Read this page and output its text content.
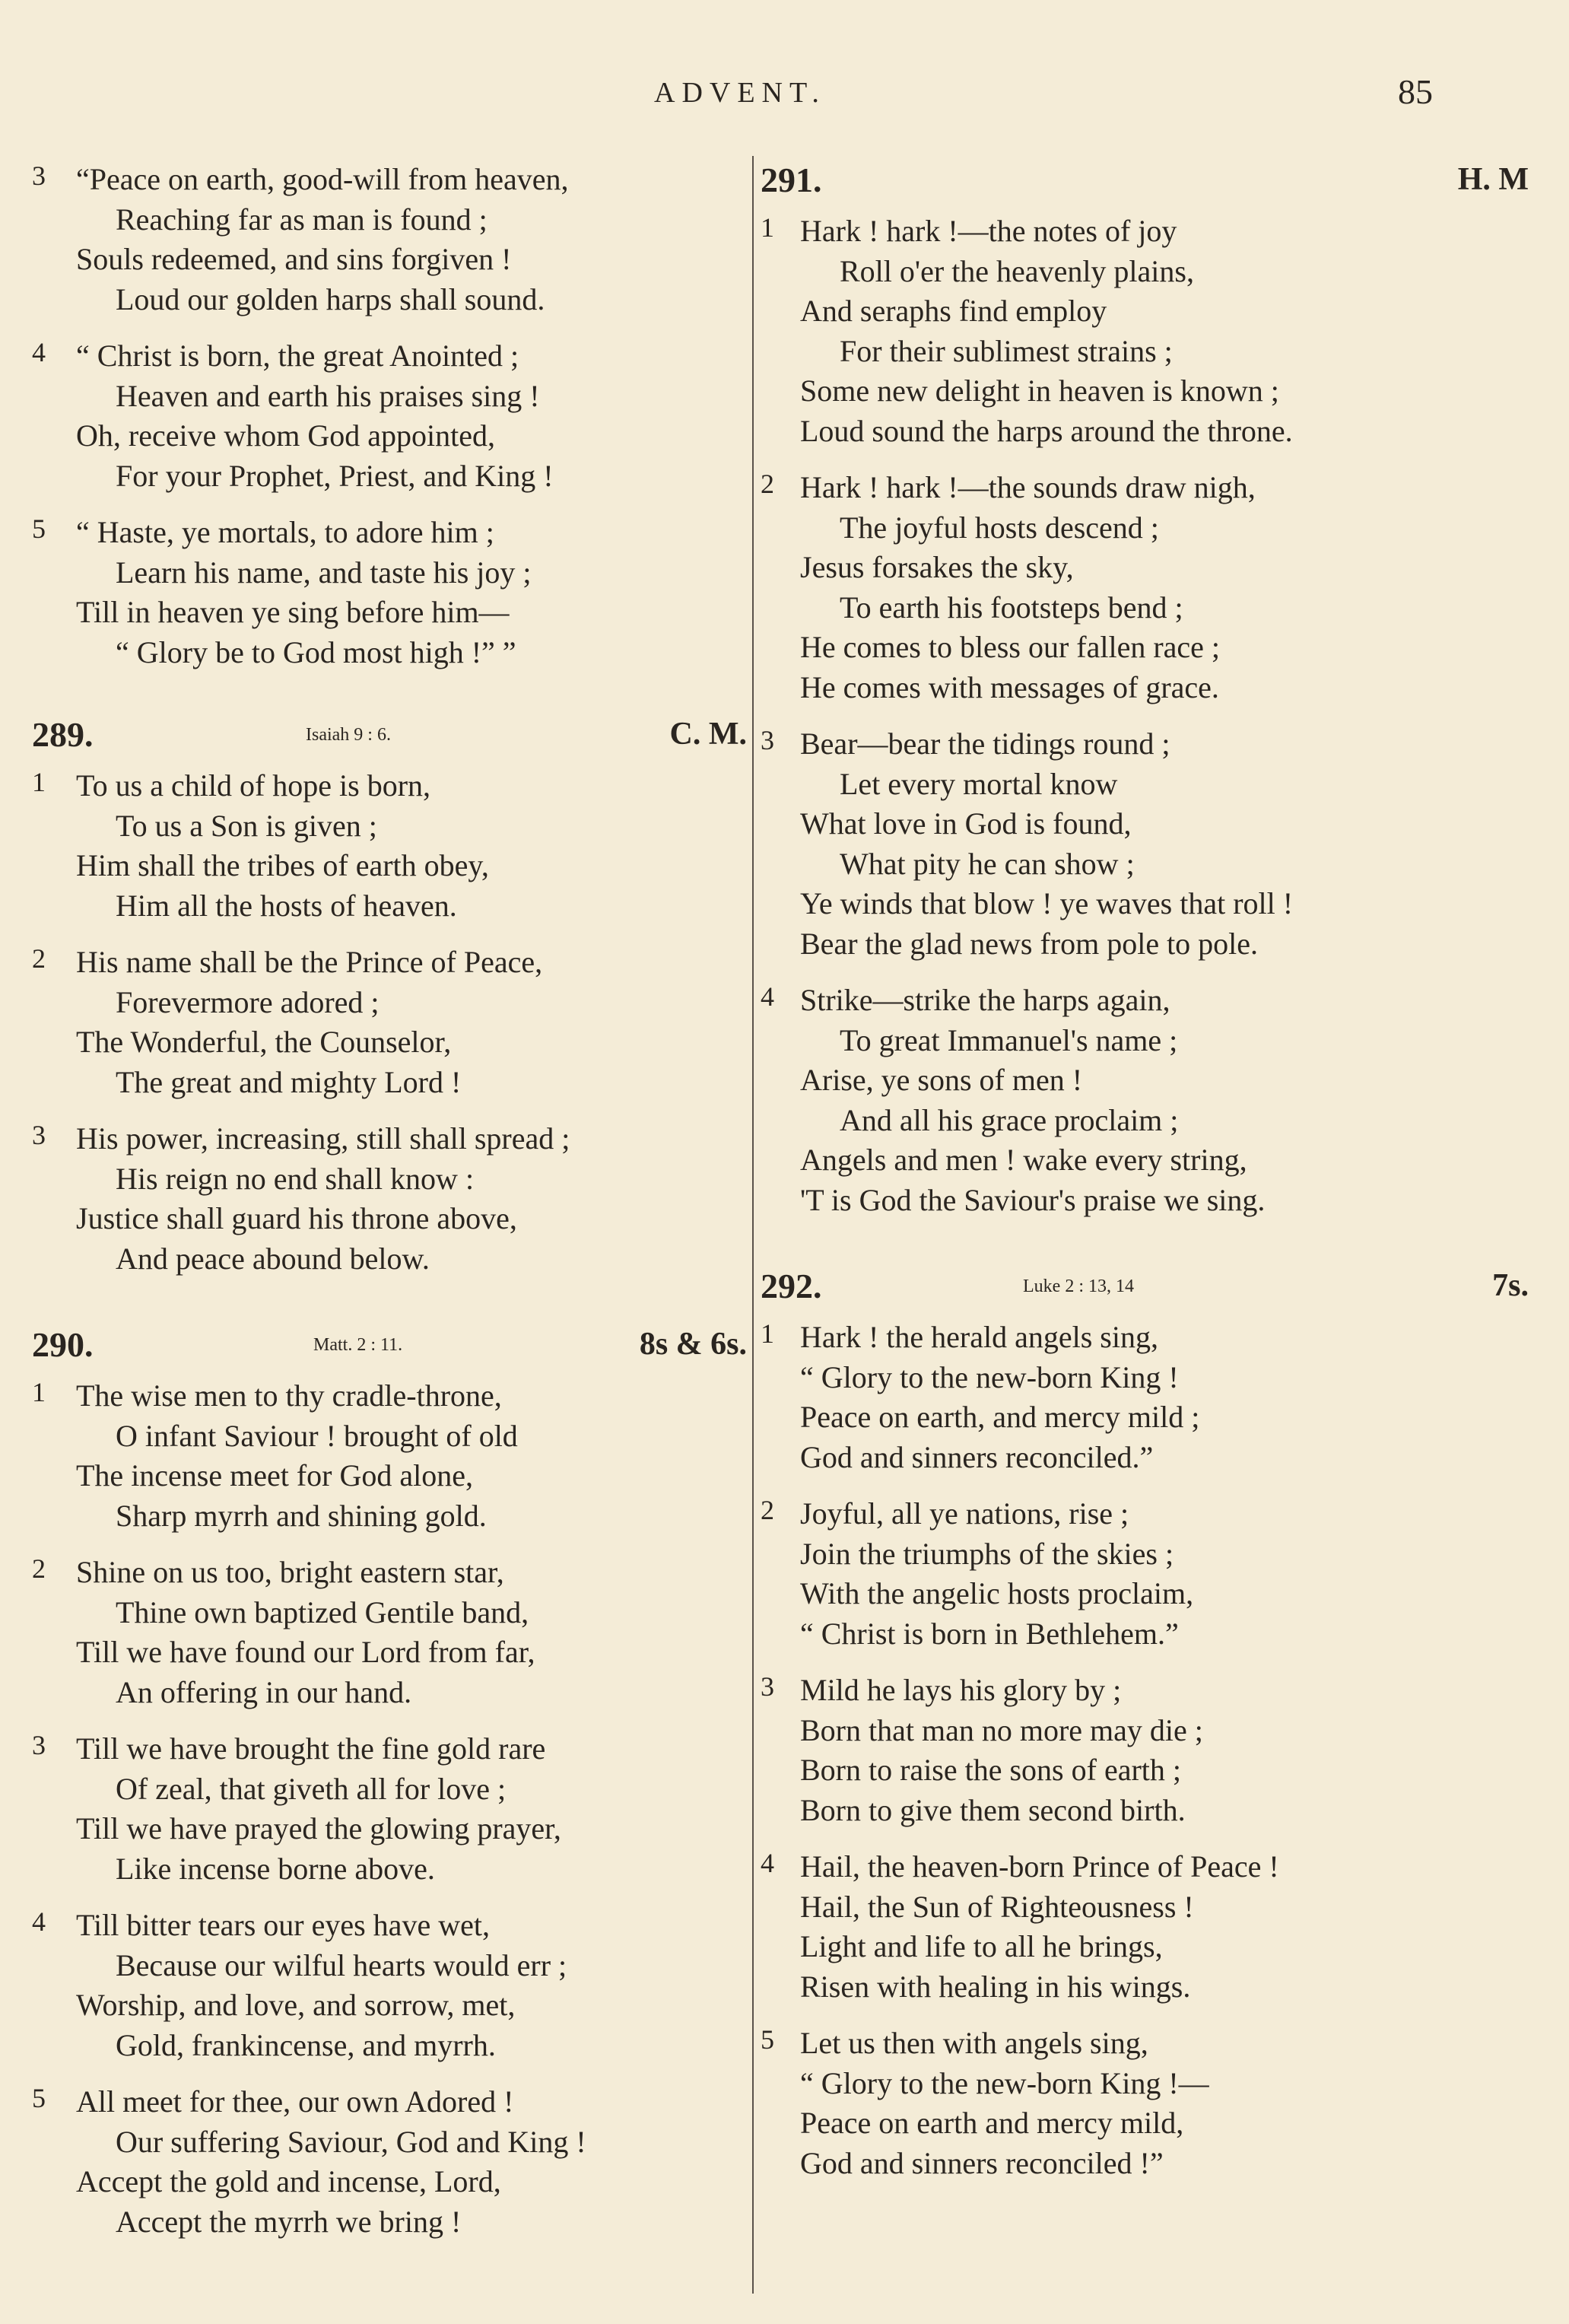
ADVENT.	85
3 “Peace on earth, good-will from heaven,
Reaching far as man is found ;
Souls redeemed, and sins forgiven !
Loud our golden harps shall sound.
4 “ Christ is born, the great Anointed ;
Heaven and earth his praises sing !
Oh, receive whom God appointed,
For your Prophet, Priest, and King !
5 “ Haste, ye mortals, to adore him ;
Learn his name, and taste his joy ;
Till in heaven ye sing before him—
“ Glory be to God most high !” ”
289.	Isaiah 9 : 6.	C. M.
1 To us a child of hope is born,
To us a Son is given ;
Him shall the tribes of earth obey,
Him all the hosts of heaven.
2 His name shall be the Prince of Peace,
Forevermore adored ;
The Wonderful, the Counselor,
The great and mighty Lord !
3 His power, increasing, still shall spread ;
His reign no end shall know :
Justice shall guard his throne above,
And peace abound below.
290.	Matt. 2 : 11.	8s & 6s.
1 The wise men to thy cradle-throne,
O infant Saviour ! brought of old
The incense meet for God alone,
Sharp myrrh and shining gold.
2 Shine on us too, bright eastern star,
Thine own baptized Gentile band,
Till we have found our Lord from far,
An offering in our hand.
3 Till we have brought the fine gold rare
Of zeal, that giveth all for love ;
Till we have prayed the glowing prayer,
Like incense borne above.
4 Till bitter tears our eyes have wet,
Because our wilful hearts would err ;
Worship, and love, and sorrow, met,
Gold, frankincense, and myrrh.
5 All meet for thee, our own Adored !
Our suffering Saviour, God and King !
Accept the gold and incense, Lord,
Accept the myrrh we bring !
291.	H. M
1 Hark ! hark !—the notes of joy
Roll o'er the heavenly plains,
And seraphs find employ
For their sublimest strains ;
Some new delight in heaven is known ;
Loud sound the harps around the throne.
2 Hark ! hark !—the sounds draw nigh,
The joyful hosts descend ;
Jesus forsakes the sky,
To earth his footsteps bend ;
He comes to bless our fallen race ;
He comes with messages of grace.
3 Bear—bear the tidings round ;
Let every mortal know
What love in God is found,
What pity he can show ;
Ye winds that blow ! ye waves that roll !
Bear the glad news from pole to pole.
4 Strike—strike the harps again,
To great Immanuel's name ;
Arise, ye sons of men !
And all his grace proclaim ;
Angels and men ! wake every string,
'T is God the Saviour's praise we sing.
292.	Luke 2 : 13, 14	7s.
1 Hark ! the herald angels sing,
“ Glory to the new-born King !
Peace on earth, and mercy mild ;
God and sinners reconciled.”
2 Joyful, all ye nations, rise ;
Join the triumphs of the skies ;
With the angelic hosts proclaim,
“ Christ is born in Bethlehem.”
3 Mild he lays his glory by ;
Born that man no more may die ;
Born to raise the sons of earth ;
Born to give them second birth.
4 Hail, the heaven-born Prince of Peace !
Hail, the Sun of Righteousness !
Light and life to all he brings,
Risen with healing in his wings.
5 Let us then with angels sing,
“ Glory to the new-born King !—
Peace on earth and mercy mild,
God and sinners reconciled !”
